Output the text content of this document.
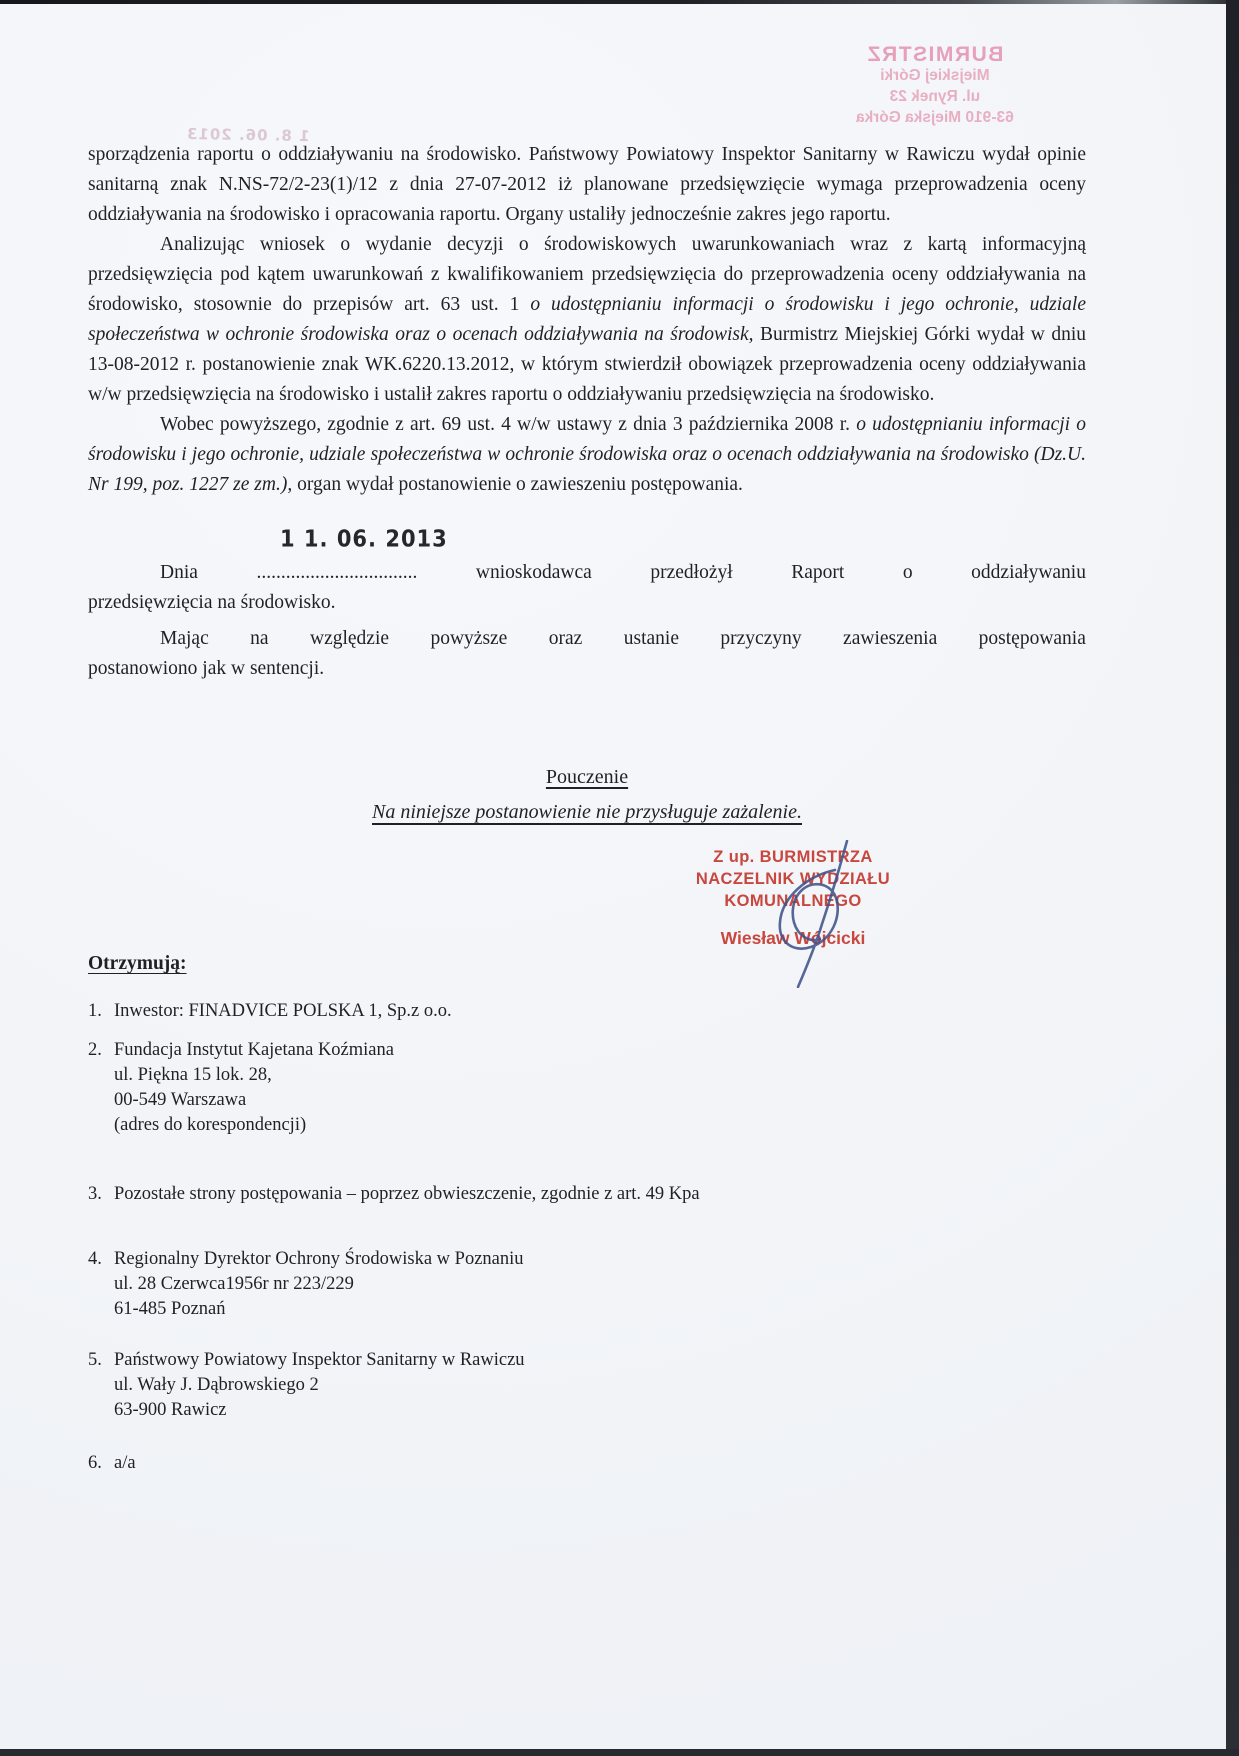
BURMISTRZ
Miejskiej Górki
ul. Rynek 23
63-910 Miejska Górka
1 8. 06. 2013

sporządzenia raportu o oddziaływaniu na środowisko. Państwowy Powiatowy Inspektor Sanitarny w Rawiczu wydał opinie sanitarną znak N.NS-72/2-23(1)/12 z dnia 27-07-2012 iż planowane przedsięwzięcie wymaga przeprowadzenia oceny oddziaływania na środowisko i opracowania raportu. Organy ustaliły jednocześnie zakres jego raportu.

Analizując wniosek o wydanie decyzji o środowiskowych uwarunkowaniach wraz z kartą informacyjną przedsięwzięcia pod kątem uwarunkowań z kwalifikowaniem przedsięwzięcia do przeprowadzenia oceny oddziaływania na środowisko, stosownie do przepisów art. 63 ust. 1 o udostępnianiu informacji o środowisku i jego ochronie, udziale społeczeństwa w ochronie środowiska oraz o ocenach oddziaływania na środowisk, Burmistrz Miejskiej Górki wydał w dniu 13-08-2012 r. postanowienie znak WK.6220.13.2012, w którym stwierdził obowiązek przeprowadzenia oceny oddziaływania w/w przedsięwzięcia na środowisko i ustalił zakres raportu o oddziaływaniu przedsięwzięcia na środowisko.

Wobec powyższego, zgodnie z art. 69 ust. 4 w/w ustawy z dnia 3 października 2008 r. o udostępnianiu informacji o środowisku i jego ochronie, udziale społeczeństwa w ochronie środowiska oraz o ocenach oddziaływania na środowisko (Dz.U. Nr 199, poz. 1227 ze zm.), organ wydał postanowienie o zawieszeniu postępowania.

1 1. 06. 2013
Dnia	.................................	wnioskodawca	przedłożył	Raport	o	oddziaływaniu
przedsięwzięcia na środowisko.
Mając na względzie powyższe oraz ustanie przyczyny zawieszenia postępowania
postanowiono jak w sentencji.
Pouczenie
Na niniejsze postanowienie nie przysługuje zażalenie.
Z up. BURMISTRZA
NACZELNIK WYDZIAŁU
KOMUNALNEGO
Wiesław Wójcicki
Otrzymują:
1. Inwestor: FINADVICE POLSKA 1, Sp.z o.o.
2. Fundacja Instytut Kajetana Koźmiana
ul. Piękna 15 lok. 28,
00-549 Warszawa
(adres do korespondencji)
3. Pozostałe strony postępowania – poprzez obwieszczenie, zgodnie z art. 49 Kpa
4. Regionalny Dyrektor Ochrony Środowiska w Poznaniu
ul. 28 Czerwca1956r nr 223/229
61-485 Poznań
5. Państwowy Powiatowy Inspektor Sanitarny w Rawiczu
ul. Wały J. Dąbrowskiego 2
63-900 Rawicz
6. a/a
